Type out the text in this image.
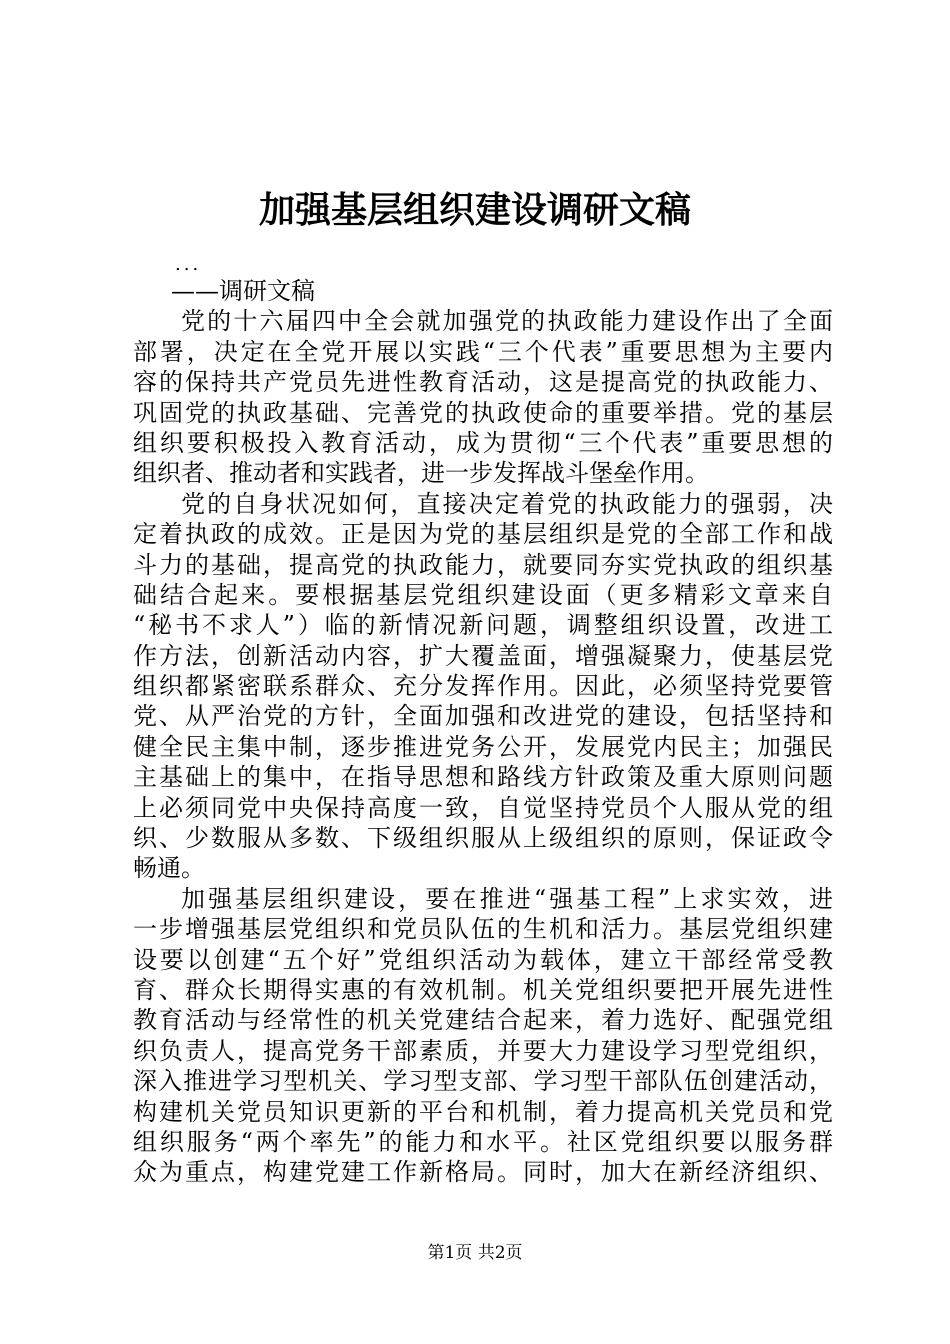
加强基层组织建设调研文稿
...
——调研文稿
党的十六届四中全会就加强党的执政能力建设作出了全面
部署，决定在全党开展以实践“三个代表”重要思想为主要内
容的保持共产党员先进性教育活动，这是提高党的执政能力、
巩固党的执政基础、完善党的执政使命的重要举措。党的基层
组织要积极投入教育活动，成为贯彻“三个代表”重要思想的
组织者、推动者和实践者，进一步发挥战斗堡垒作用。
党的自身状况如何，直接决定着党的执政能力的强弱，决
定着执政的成效。正是因为党的基层组织是党的全部工作和战
斗力的基础，提高党的执政能力，就要同夯实党执政的组织基
础结合起来。要根据基层党组织建设面（更多精彩文章来自
“秘书不求人”）临的新情况新问题，调整组织设置，改进工
作方法，创新活动内容，扩大覆盖面，增强凝聚力，使基层党
组织都紧密联系群众、充分发挥作用。因此，必须坚持党要管
党、从严治党的方针，全面加强和改进党的建设，包括坚持和
健全民主集中制，逐步推进党务公开，发展党内民主；加强民
主基础上的集中，在指导思想和路线方针政策及重大原则问题
上必须同党中央保持高度一致，自觉坚持党员个人服从党的组
织、少数服从多数、下级组织服从上级组织的原则，保证政令
畅通。
加强基层组织建设，要在推进“强基工程”上求实效，进
一步增强基层党组织和党员队伍的生机和活力。基层党组织建
设要以创建“五个好”党组织活动为载体，建立干部经常受教
育、群众长期得实惠的有效机制。机关党组织要把开展先进性
教育活动与经常性的机关党建结合起来，着力选好、配强党组
织负责人，提高党务干部素质，并要大力建设学习型党组织，
深入推进学习型机关、学习型支部、学习型干部队伍创建活动，
构建机关党员知识更新的平台和机制，着力提高机关党员和党
组织服务“两个率先”的能力和水平。社区党组织要以服务群
众为重点，构建党建工作新格局。同时，加大在新经济组织、
第1页 共2页
